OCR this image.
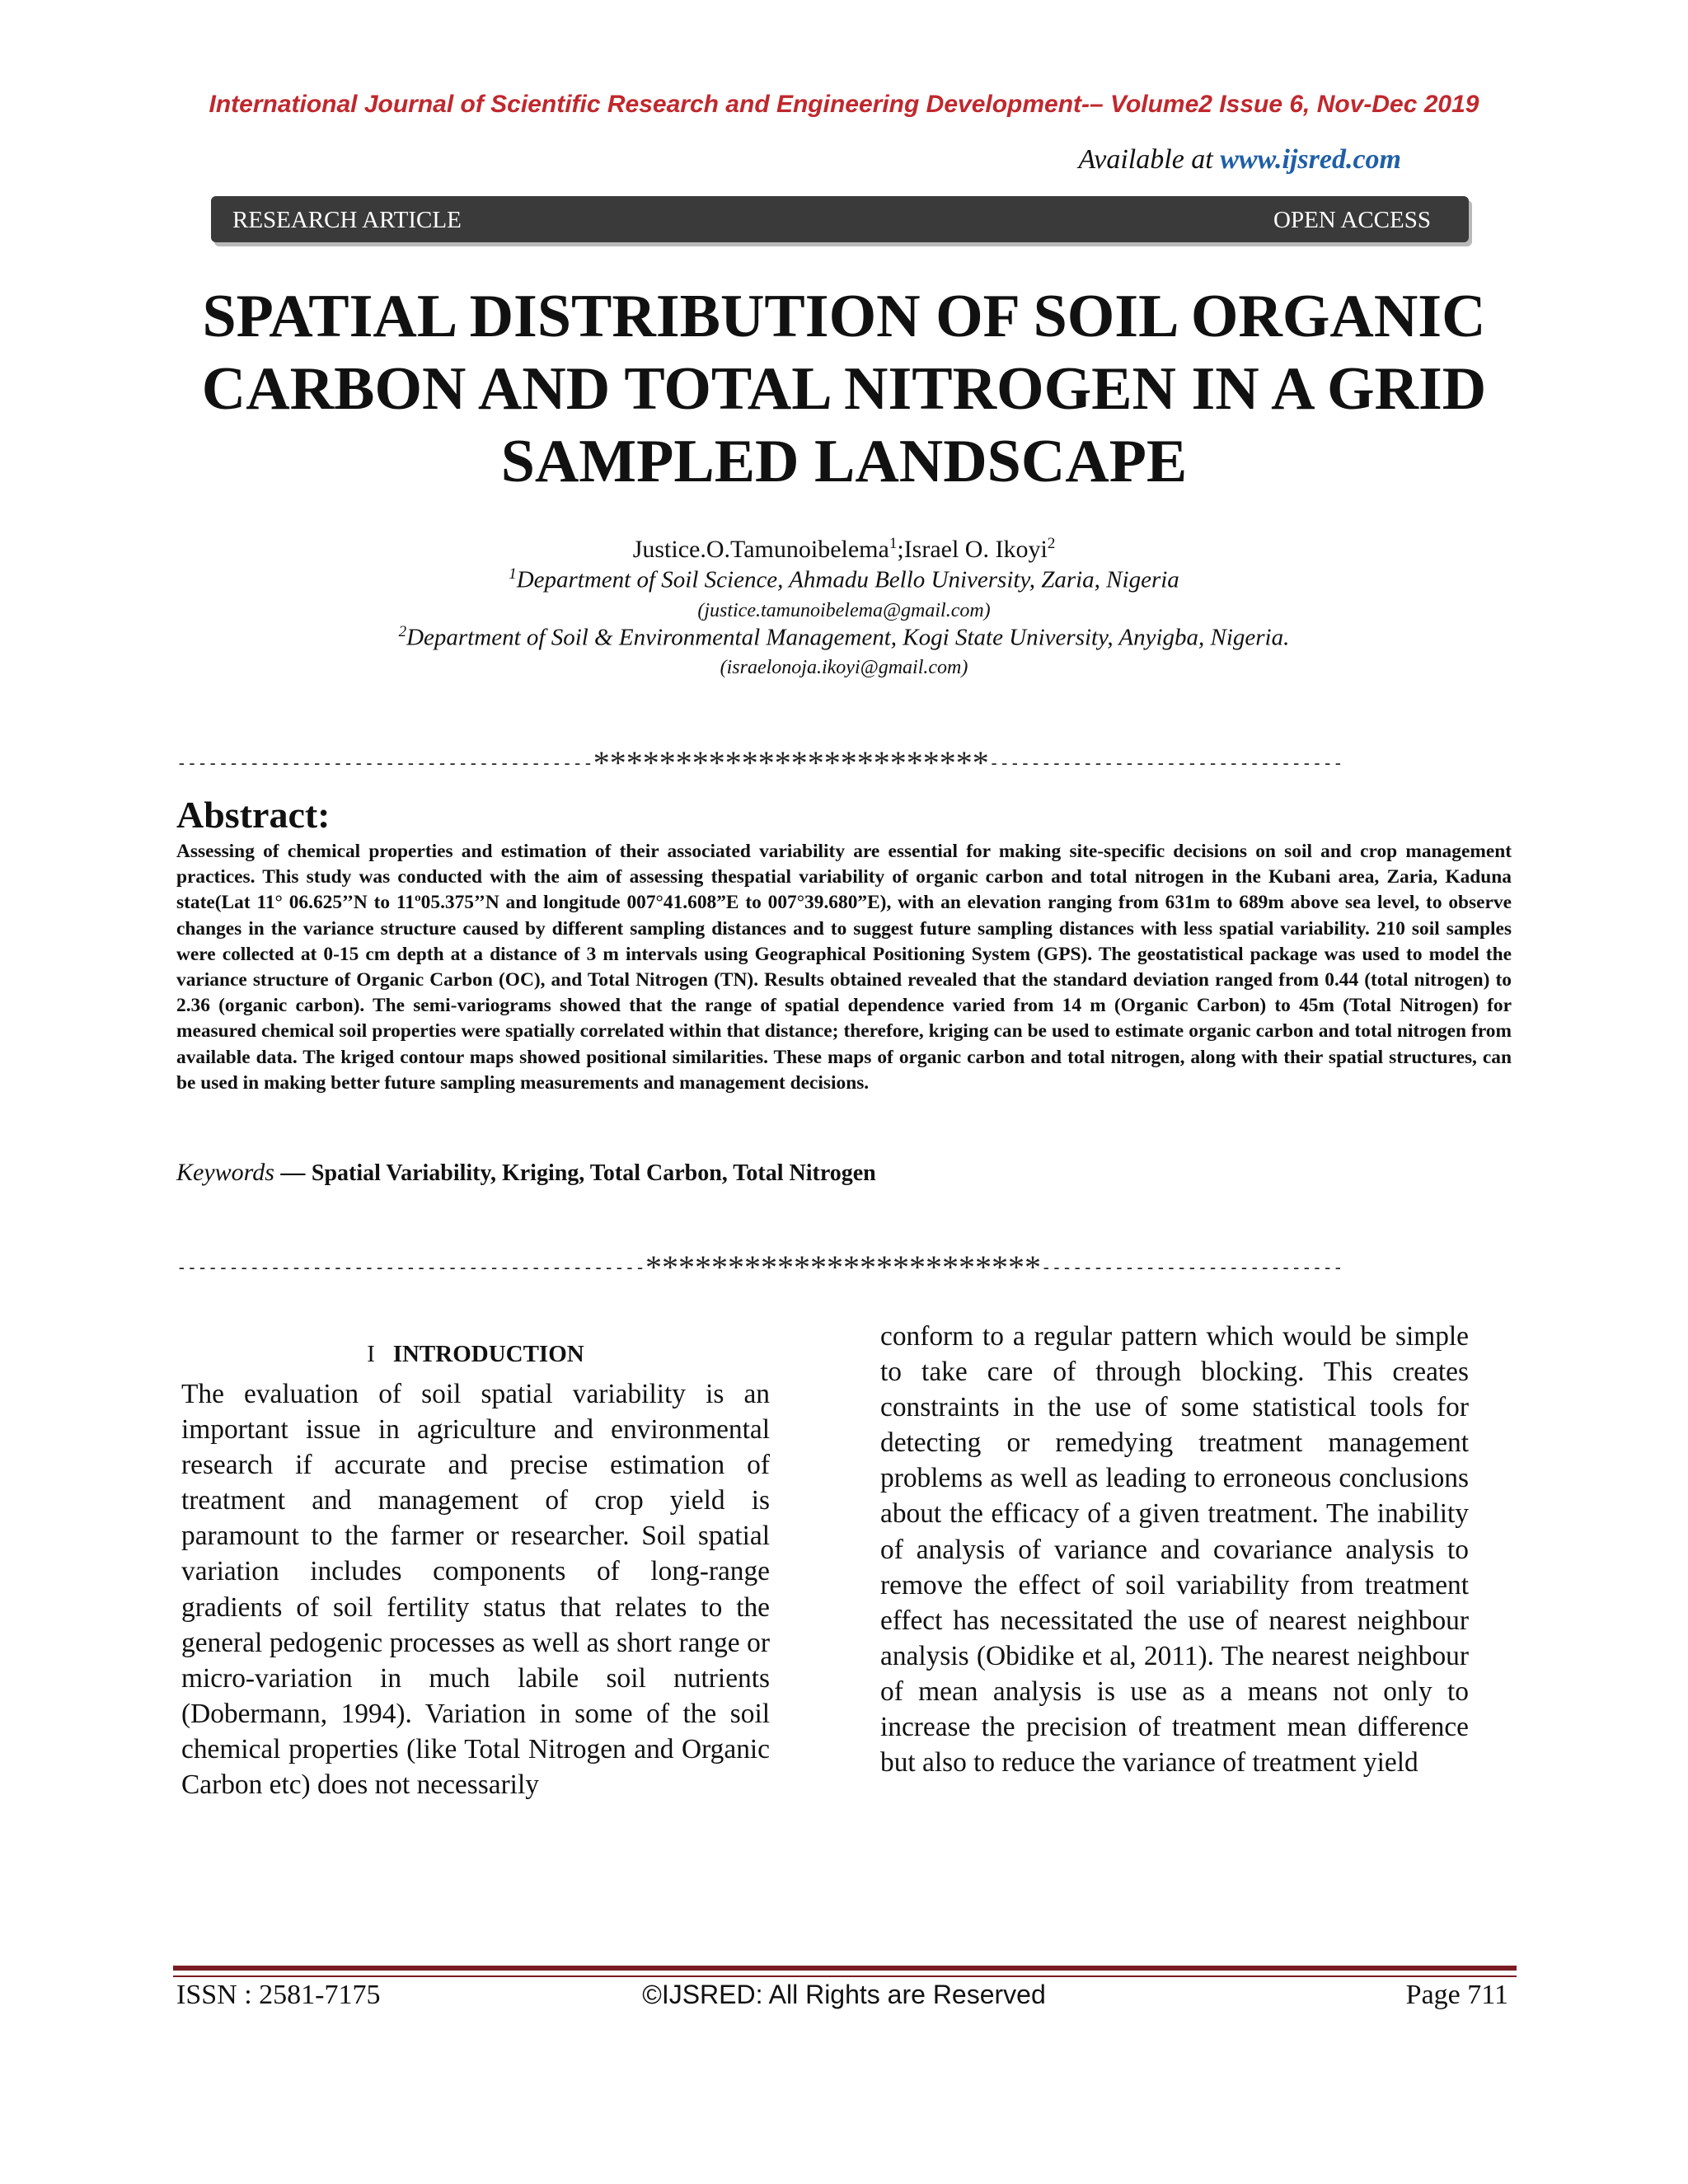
International Journal of Scientific Research and Engineering Development-– Volume2 Issue 6, Nov-Dec 2019
Available at www.ijsred.com
RESEARCH ARTICLE	OPEN ACCESS
SPATIAL DISTRIBUTION OF SOIL ORGANIC
CARBON AND TOTAL NITROGEN IN A GRID
SAMPLED LANDSCAPE
Justice.O.Tamunoibelema$^1$;Israel O. Ikoyi$^2$
$^1$Department of Soil Science, Ahmadu Bello University, Zaria, Nigeria
(justice.tamunoibelema@gmail.com)
$^2$Department of Soil & Environmental Management, Kogi State University, Anyigba, Nigeria.
(israelonoja.ikoyi@gmail.com)
----------------------------------------************************----------------------------------
Abstract:
Assessing of chemical properties and estimation of their associated variability are essential for making site-specific decisions on soil and crop management practices. This study was conducted with the aim of assessing thespatial variability of organic carbon and total nitrogen in the Kubani area, Zaria, Kaduna state(Lat 11° 06.625’’N to 11º05.375’’N and longitude 007°41.608”E to 007°39.680”E), with an elevation ranging from 631m to 689m above sea level, to observe changes in the variance structure caused by different sampling distances and to suggest future sampling distances with less spatial variability. 210 soil samples were collected at 0-15 cm depth at a distance of 3 m intervals using Geographical Positioning System (GPS). The geostatistical package was used to model the variance structure of Organic Carbon (OC), and Total Nitrogen (TN). Results obtained revealed that the standard deviation ranged from 0.44 (total nitrogen) to 2.36 (organic carbon). The semi-variograms showed that the range of spatial dependence varied from 14 m (Organic Carbon) to 45m (Total Nitrogen) for measured chemical soil properties were spatially correlated within that distance; therefore, kriging can be used to estimate organic carbon and total nitrogen from available data. The kriged contour maps showed positional similarities. These maps of organic carbon and total nitrogen, along with their spatial structures, can be used in making better future sampling measurements and management decisions.
Keywords — Spatial Variability, Kriging, Total Carbon, Total Nitrogen
---------------------------------------------************************-----------------------------
I INTRODUCTION
The evaluation of soil spatial variability is an important issue in agriculture and environmental research if accurate and precise estimation of treatment and management of crop yield is paramount to the farmer or researcher. Soil spatial variation includes components of long-range gradients of soil fertility status that relates to the general pedogenic processes as well as short range or micro-variation in much labile soil nutrients (Dobermann, 1994). Variation in some of the soil chemical properties (like Total Nitrogen and Organic Carbon etc) does not necessarily
conform to a regular pattern which would be simple to take care of through blocking. This creates constraints in the use of some statistical tools for detecting or remedying treatment management problems as well as leading to erroneous conclusions about the efficacy of a given treatment. The inability of analysis of variance and covariance analysis to remove the effect of soil variability from treatment effect has necessitated the use of nearest neighbour analysis (Obidike et al, 2011). The nearest neighbour of mean analysis is use as a means not only to increase the precision of treatment mean difference but also to reduce the variance of treatment yield
ISSN : 2581-7175	©IJSRED: All Rights are Reserved	Page 711
